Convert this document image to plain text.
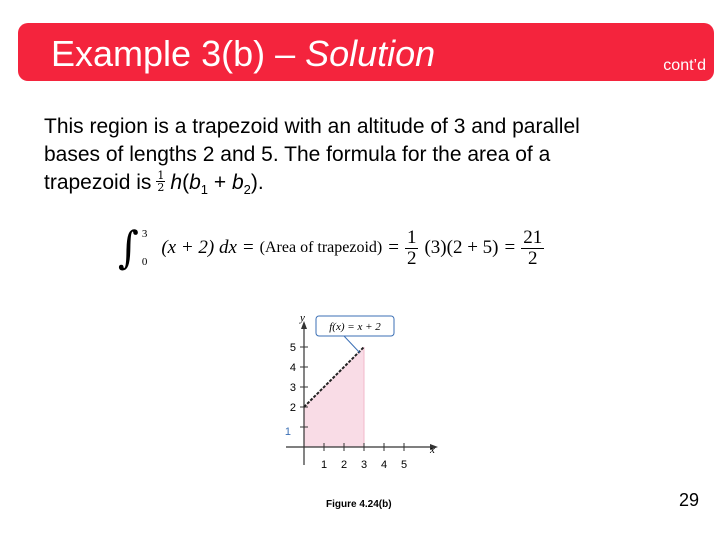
Example 3(b) – Solution	cont’d
This region is a trapezoid with an altitude of 3 and parallel
bases of lengths 2 and 5. The formula for the area of a
trapezoid is $\frac{1}{2} h(b_1 + b_2)$.
∫ 3
0
(x + 2) dx = (Area of trapezoid) = $\frac{1}{2} (3)(2 + 5) = \frac{21}{2}$
1 2 3 4 5
1
2
3
4
5
x
y
f(x) = x + 2
Figure 4.24(b)	29
